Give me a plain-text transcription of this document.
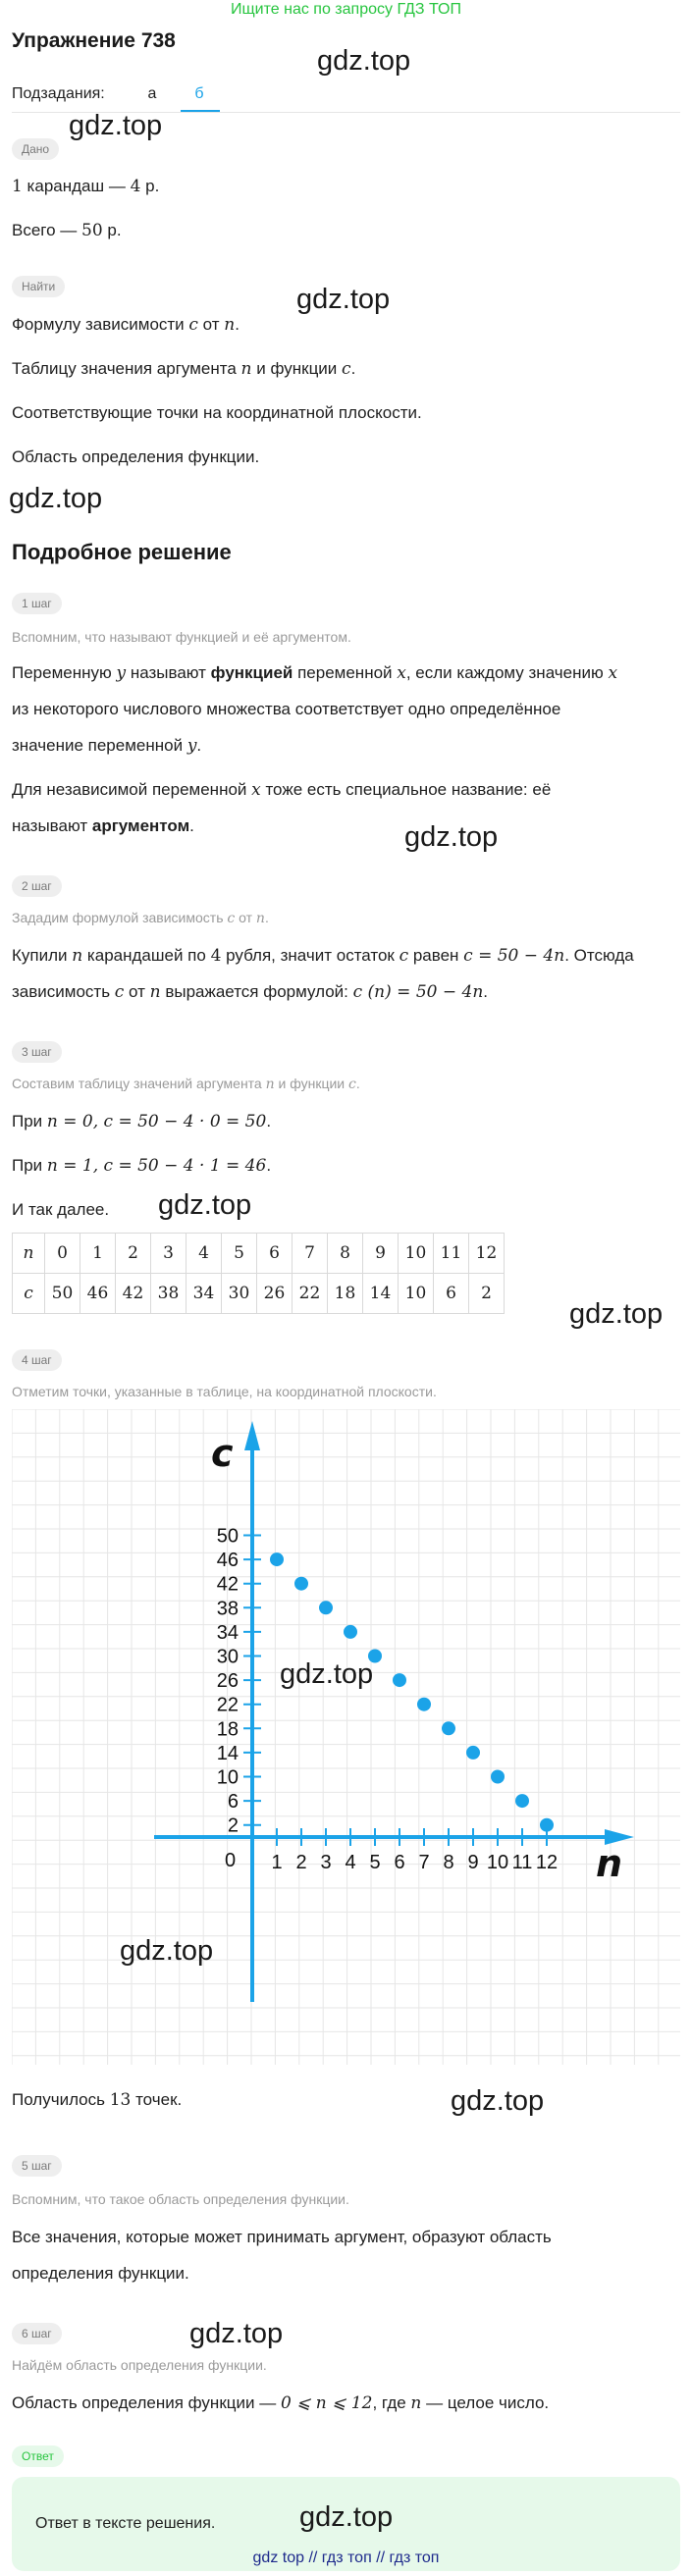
Ищите нас по запросу ГДЗ ТОП
Упражнение 738
Подзадания:	а	б
Дано
1 карандаш — 4 р.
Всего — 50 р.
Найти
Формулу зависимости c от n.
Таблицу значения аргумента n и функции c.
Соответствующие точки на координатной плоскости.
Область определения функции.
Подробное решение
1 шаг
Вспомним, что называют функцией и её аргументом.
Переменную y называют функцией переменной x, если каждому значению x
из некоторого числового множества соответствует одно определённое
значение переменной y.
Для независимой переменной x тоже есть специальное название: её
называют аргументом.
2 шаг
Зададим формулой зависимость c от n.
Купили n карандашей по 4 рубля, значит остаток c равен c = 50 − 4n. Отсюда
зависимость c от n выражается формулой: c (n) = 50 − 4n.
3 шаг
Составим таблицу значений аргумента n и функции c.
При n = 0, c = 50 − 4 · 0 = 50.
При n = 1, c = 50 − 4 · 1 = 46.
И так далее.
n	0	1	2	3	4	5	6	7	8	9	10	11	12
c	50	46	42	38	34	30	26	22	18	14	10	6	2
4 шаг
Отметим точки, указанные в таблице, на координатной плоскости.
1 2 3 4 5 6 7 8 9 10 11 12
2
6
10
14
18
22
26
30
34
38
42
46
50
n
c
0
Получилось 13 точек.
5 шаг
Вспомним, что такое область определения функции.
Все значения, которые может принимать аргумент, образуют область
определения функции.
6 шаг
Найдём область определения функции.
Область определения функции — 0 ⩽ n ⩽ 12, где n — целое число.
Ответ
Ответ в тексте решения.
gdz top // гдз топ // гдз топ
gdz.top
gdz.top
gdz.top
gdz.top
gdz.top
gdz.top
gdz.top
gdz.top
gdz.top
gdz.top
gdz.top
gdz.top
